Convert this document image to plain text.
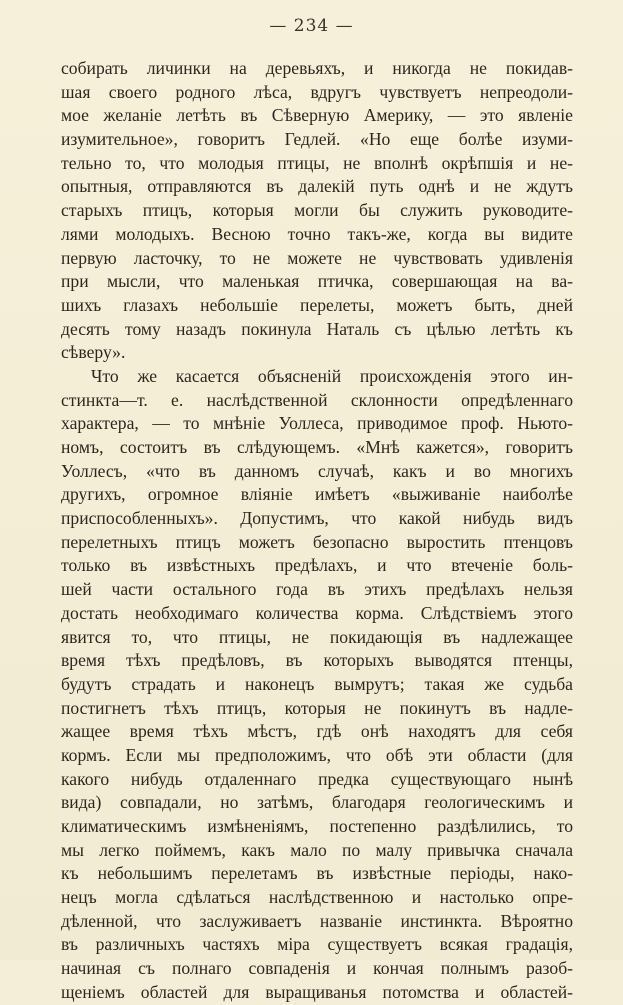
— 234 —
собирать личинки на деревьяхъ, и никогда не покидав-
шая своего родного лѣса, вдругъ чувствуетъ непреодоли-
мое желаніе летѣть въ Сѣверную Америку, — это явленіе
изумительное», говоритъ Гедлей. «Но еще болѣе изуми-
тельно то, что молодыя птицы, не вполнѣ окрѣпшія и не-
опытныя, отправляются въ далекій путь однѣ и не ждутъ
старыхъ птицъ, которыя могли бы служить руководите-
лями молодыхъ. Весною точно такъ-же, когда вы видите
первую ласточку, то не можете не чувствовать удивленія
при мысли, что маленькая птичка, совершающая на ва-
шихъ глазахъ небольшіе перелеты, можетъ быть, дней
десять тому назадъ покинула Наталь съ цѣлью летѣть къ
сѣверу».
Что же касается объясненій происхожденія этого ин-
стинкта—т. е. наслѣдственной склонности опредѣленнаго
характера, — то мнѣніе Уоллеса, приводимое проф. Ньюто-
номъ, состоитъ въ слѣдующемъ. «Мнѣ кажется», говоритъ
Уоллесъ, «что въ данномъ случаѣ, какъ и во многихъ
другихъ, огромное вліяніе имѣетъ «выживаніе наиболѣе
приспособленныхъ». Допустимъ, что какой нибудь видъ
перелетныхъ птицъ можетъ безопасно выростить птенцовъ
только въ извѣстныхъ предѣлахъ, и что втеченіе боль-
шей части остального года въ этихъ предѣлахъ нельзя
достать необходимаго количества корма. Слѣдствіемъ этого
явится то, что птицы, не покидающія въ надлежащее
время тѣхъ предѣловъ, въ которыхъ выводятся птенцы,
будутъ страдать и наконецъ вымрутъ; такая же судьба
постигнетъ тѣхъ птицъ, которыя не покинутъ въ надле-
жащее время тѣхъ мѣстъ, гдѣ онѣ находятъ для себя
кормъ. Если мы предположимъ, что обѣ эти области (для
какого нибудь отдаленнаго предка существующаго нынѣ
вида) совпадали, но затѣмъ, благодаря геологическимъ и
климатическимъ измѣненіямъ, постепенно раздѣлились, то
мы легко поймемъ, какъ мало по малу привычка сначала
къ небольшимъ перелетамъ въ извѣстные періоды, нако-
нецъ могла сдѣлаться наслѣдственною и настолько опре-
дѣленной, что заслуживаетъ названіе инстинкта. Вѣроятно
въ различныхъ частяхъ міра существуетъ всякая градація,
начиная съ полнаго совпаденія и кончая полнымъ разоб-
щеніемъ областей для выращиванья потомства и областей-
